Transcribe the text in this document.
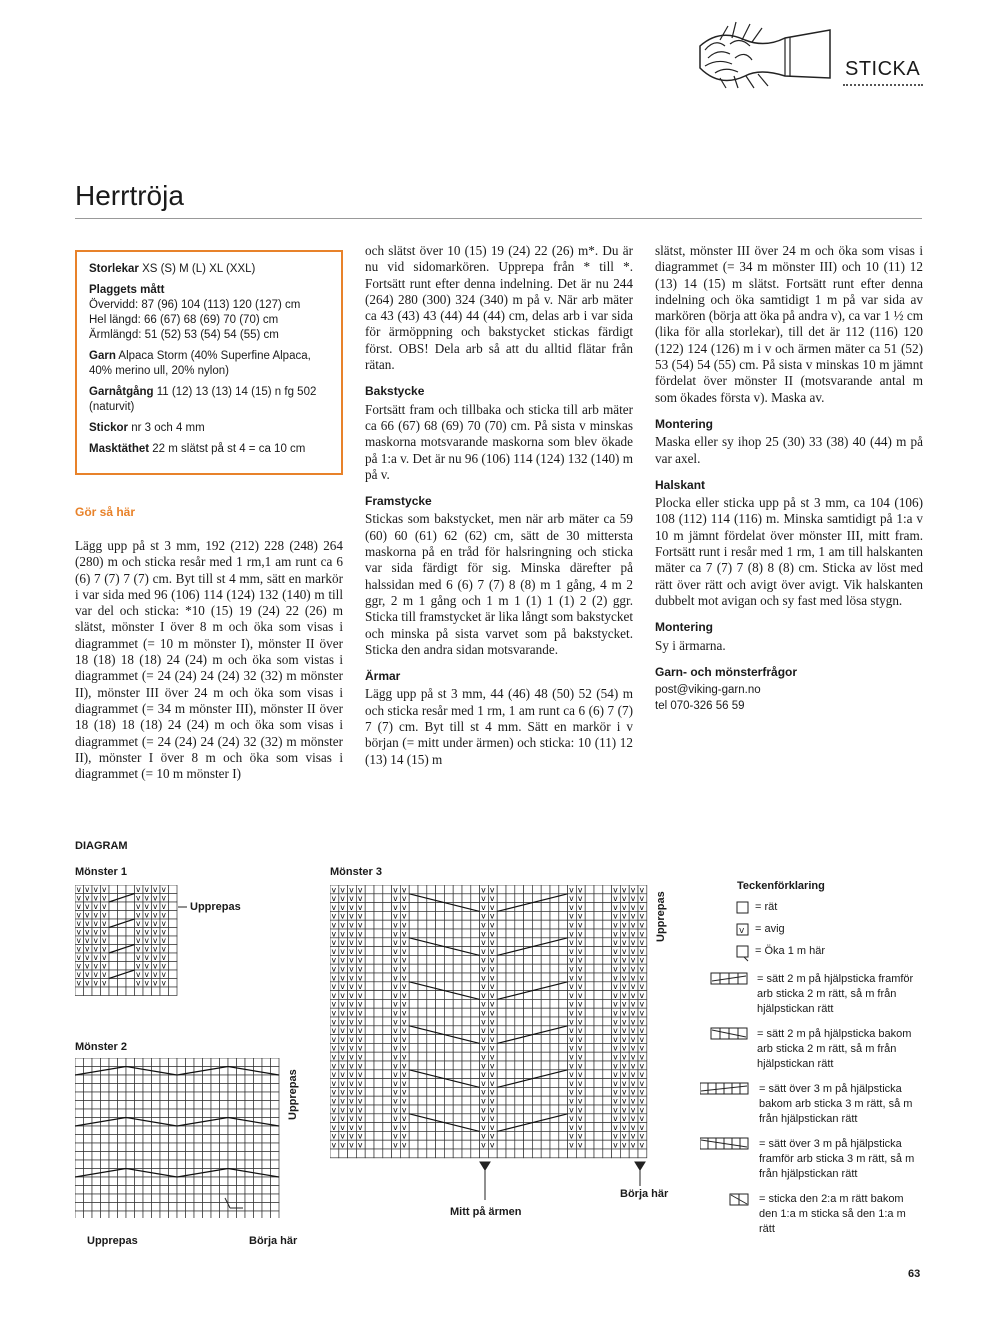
STICKA
Herrtröja

Storlekar XS (S) M (L) XL (XXL)

Plaggets mått

Övervidd: 87 (96) 104 (113) 120 (127) cm
Hel längd: 66 (67) 68 (69) 70 (70) cm

Ärmlängd: 51 (52) 53 (54) 54 (55) cm

Garn Alpaca Storm (40% Superfine Alpaca, 40% merino ull, 20% nylon)

Garnåtgång 11 (12) 13 (13) 14 (15) n fg 502 (naturvit)

Stickor nr 3 och 4 mm

Masktäthet 22 m slätst på st 4 = ca 10 cm

Gör så här

Lägg upp på st 3 mm, 192 (212) 228 (248) 264 (280) m och sticka resår med 1 rm,1 am runt ca 6 (6) 7 (7) 7 (7) cm. Byt till st 4 mm, sätt en markör i var sida med 96 (106) 114 (124) 132 (140) m till var del och sticka: *10 (15) 19 (24) 22 (26) m slätst, mönster I över 8 m och öka som visas i diagrammet (= 10 m mönster I), mönster II över 18 (18) 18 (18) 24 (24) m och öka som vistas i diagrammet (= 24 (24) 24 (24) 32 (32) m mönster II), mönster III över 24 m och öka som visas i diagrammet (= 34 m mönster III), mönster II över 18 (18) 18 (18) 24 (24) m och öka som visas i diagrammet (= 24 (24) 24 (24) 32 (32) m mönster II), mönster I över 8 m och öka som visas i diagrammet (= 10 m mönster I)

och slätst över 10 (15) 19 (24) 22 (26) m*. Du är nu vid sidomarkören. Upprepa från * till *. Fortsätt runt efter denna indelning. Det är nu 244 (264) 280 (300) 324 (340) m på v. När arb mäter ca 43 (43) 43 (44) 44 (44) cm, delas arb i var sida för ärmöppning och bakstycket stickas färdigt först. OBS! Dela arb så att du alltid flätar från rätan.

Bakstycke

Fortsätt fram och tillbaka och sticka till arb mäter ca 66 (67) 68 (69) 70 (70) cm. På sista v minskas maskorna motsvarande maskorna som blev ökade på 1:a v. Det är nu 96 (106) 114 (124) 132 (140) m på v.

Framstycke

Stickas som bakstycket, men när arb mäter ca 59 (60) 60 (61) 62 (62) cm, sätt de 30 mittersta maskorna på en tråd för halsringning och sticka var sida färdigt för sig. Minska därefter på halssidan med 6 (6) 7 (7) 8 (8) m 1 gång, 4 m 2 ggr, 2 m 1 gång och 1 m 1 (1) 1 (1) 2 (2) ggr. Sticka till framstycket är lika långt som bakstycket och minska på sista varvet som på bakstycket. Sticka den andra sidan motsvarande.

Ärmar

Lägg upp på st 3 mm, 44 (46) 48 (50) 52 (54) m och sticka resår med 1 rm, 1 am runt ca 6 (6) 7 (7) 7 (7) cm. Byt till st 4 mm. Sätt en markör i v början (= mitt under ärmen) och sticka: 10 (11) 12 (13) 14 (15) m

slätst, mönster III över 24 m och öka som visas i diagrammet (= 34 m mönster III) och 10 (11) 12 (13) 14 (15) m slätst. Fortsätt runt efter denna indelning och öka samtidigt 1 m på var sida av markören (börja att öka på andra v), ca var 1 ½ cm (lika för alla storlekar), till det är 112 (116) 120 (122) 124 (126) m i v och ärmen mäter ca 51 (52) 53 (54) 54 (55) cm. På sista v minskas 10 m jämnt fördelat över mönster II (motsvarande antal m som ökades första v). Maska av.

Montering

Maska eller sy ihop 25 (30) 33 (38) 40 (44) m på var axel.

Halskant

Plocka eller sticka upp på st 3 mm, ca 104 (106) 108 (112) 114 (116) m. Minska samtidigt på 1:a v 10 m jämnt fördelat över mönster III, mitt fram. Fortsätt runt i resår med 1 rm, 1 am till halskanten mäter ca 7 (7) 7 (8) 8 (8) cm. Sticka av löst med rätt över rätt och avigt över avigt. Vik halskanten dubbelt mot avigan och sy fast med lösa stygn.

Montering

Sy i ärmarna.

Garn- och mönsterfrågor
post@viking-garn.no
tel 070-326 56 59
DIAGRAM
Mönster 1
Mönster 2
Mönster 3
v v v v	v v v v
v v v v	v v v v
v v v v	v v v v
v v v v	v v v v
v v v v	v v v v
v v v v	v v v v
v v v v	v v v v
v v v v	v v v v
v v v v	v v v v
v v v v	v v v v
v v v v	v v v v
v v v v	v v v v
v v v v	v v	v v	v v	v v v v
v v v v	v v	v v	v v	v v v v
v v v v	v v	v v	v v	v v v v
v v v v	v v	v v	v v	v v v v
v v v v	v v	v v	v v	v v v v
v v v v	v v	v v	v v	v v v v
v v v v	v v	v v	v v	v v v v
v v v v	v v	v v	v v	v v v v
v v v v	v v	v v	v v	v v v v
v v v v	v v	v v	v v	v v v v
v v v v	v v	v v	v v	v v v v
v v v v	v v	v v	v v	v v v v
v v v v	v v	v v	v v	v v v v
v v v v	v v	v v	v v	v v v v
v v v v	v v	v v	v v	v v v v
v v v v	v v	v v	v v	v v v v
v v v v	v v	v v	v v	v v v v
v v v v	v v	v v	v v	v v v v
v v v v	v v	v v	v v	v v v v
v v v v	v v	v v	v v	v v v v
v v v v	v v	v v	v v	v v v v
v v v v	v v	v v	v v	v v v v
v v v v	v v	v v	v v	v v v v
v v v v	v v	v v	v v	v v v v
v v v v	v v	v v	v v	v v v v
v v v v	v v	v v	v v	v v v v
v v v v	v v	v v	v v	v v v v
v v v v	v v	v v	v v	v v v v
v v v v	v v	v v	v v	v v v v
v v v v	v v	v v	v v	v v v v
Upprepas
Upprepas
Upprepas	Börja här
Upprepas
Mitt på ärmen
Börja här
Teckenförklaring
v
= rät
= avig
= Öka 1 m här
= sätt 2 m på hjälpsticka framför arb sticka 2 m rätt, så m från hjälpstickan rätt
= sätt 2 m på hjälpsticka bakom arb sticka 2 m rätt, så m från hjälpstickan rätt
= sätt över 3 m på hjälpsticka bakom arb sticka 3 m rätt, så m från hjälpstickan rätt
= sätt över 3 m på hjälpsticka framför arb sticka 3 m rätt, så m från hjälpstickan rätt
= sticka den 2:a m rätt bakom den 1:a m sticka så den 1:a m rätt
63
